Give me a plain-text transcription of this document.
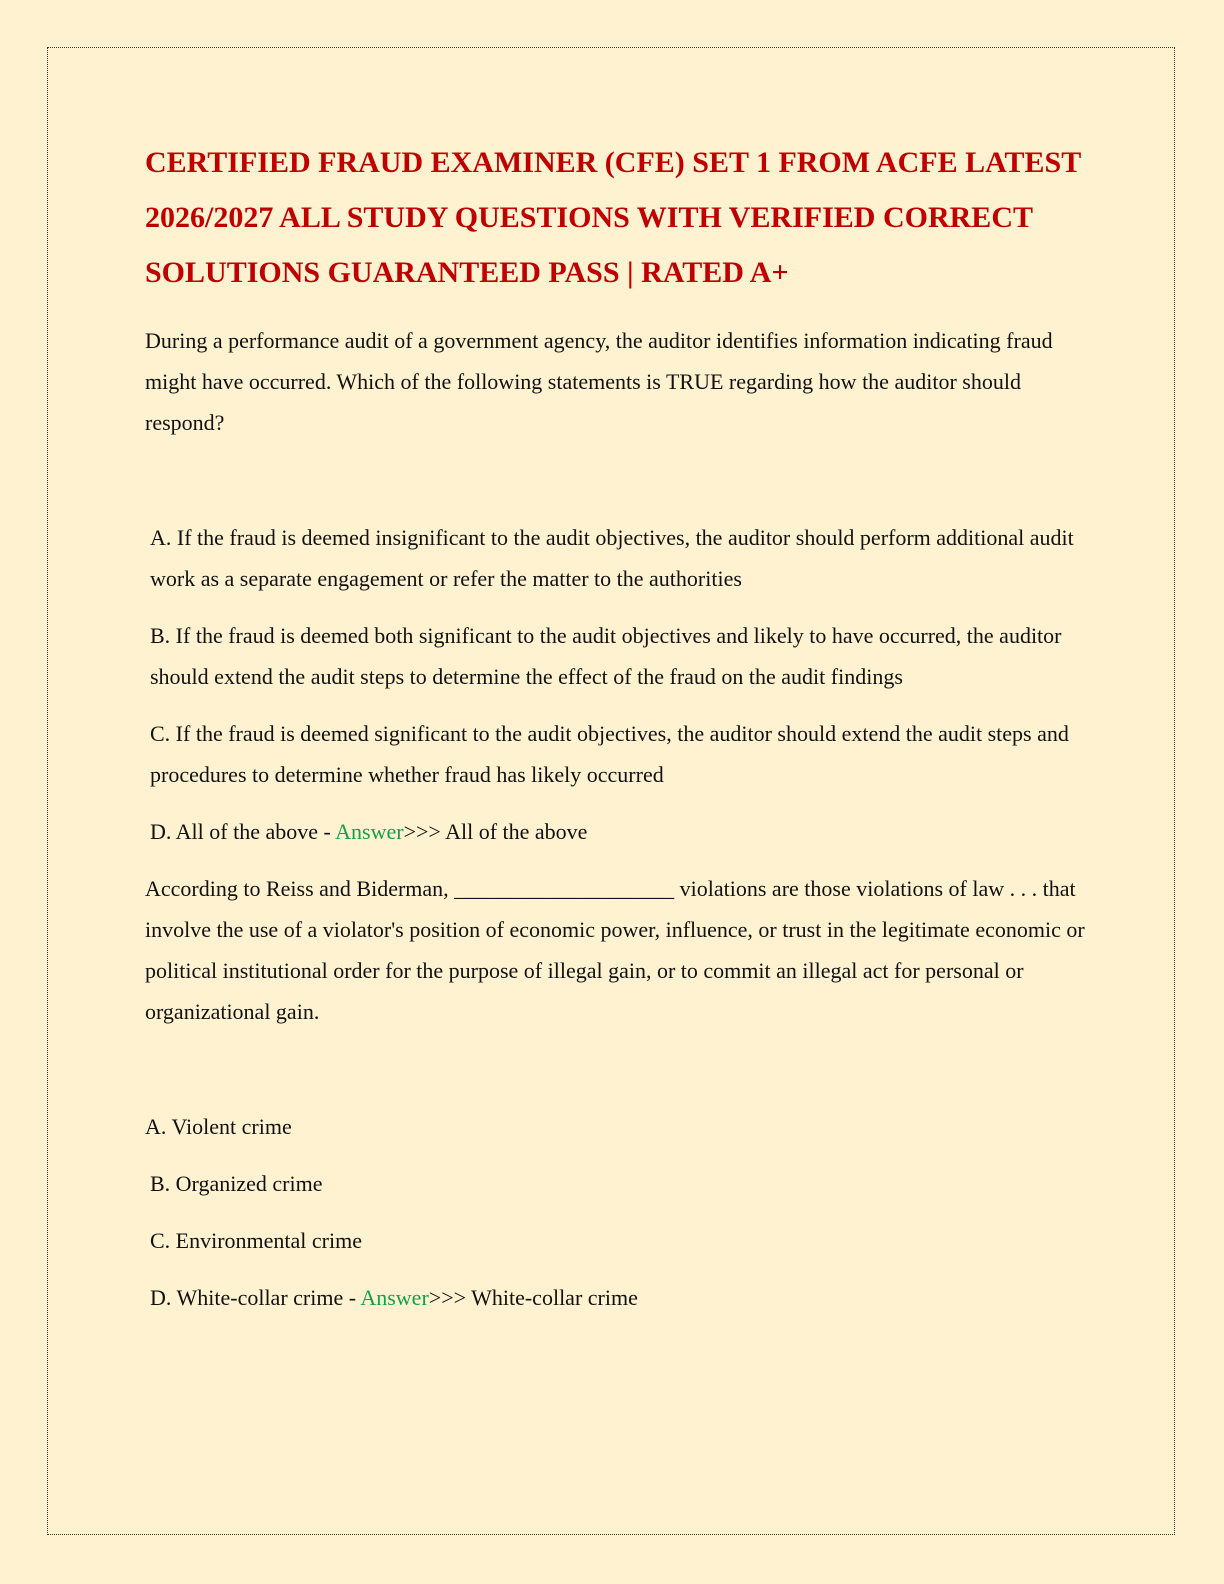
CERTIFIED FRAUD EXAMINER (CFE) SET 1 FROM ACFE LATEST 2026/2027 ALL STUDY QUESTIONS WITH VERIFIED CORRECT SOLUTIONS GUARANTEED PASS | RATED A+

During a performance audit of a government agency, the auditor identifies information indicating fraud might have occurred. Which of the following statements is TRUE regarding how the auditor should respond?

A. If the fraud is deemed insignificant to the audit objectives, the auditor should perform additional audit work as a separate engagement or refer the matter to the authorities

B. If the fraud is deemed both significant to the audit objectives and likely to have occurred, the auditor should extend the audit steps to determine the effect of the fraud on the audit findings

C. If the fraud is deemed significant to the audit objectives, the auditor should extend the audit steps and procedures to determine whether fraud has likely occurred

D. All of the above - Answer>>> All of the above

According to Reiss and Biderman, ____________________ violations are those violations of law . . . that involve the use of a violator's position of economic power, influence, or trust in the legitimate economic or political institutional order for the purpose of illegal gain, or to commit an illegal act for personal or organizational gain.

A. Violent crime

B. Organized crime

C. Environmental crime

D. White-collar crime - Answer>>> White-collar crime
